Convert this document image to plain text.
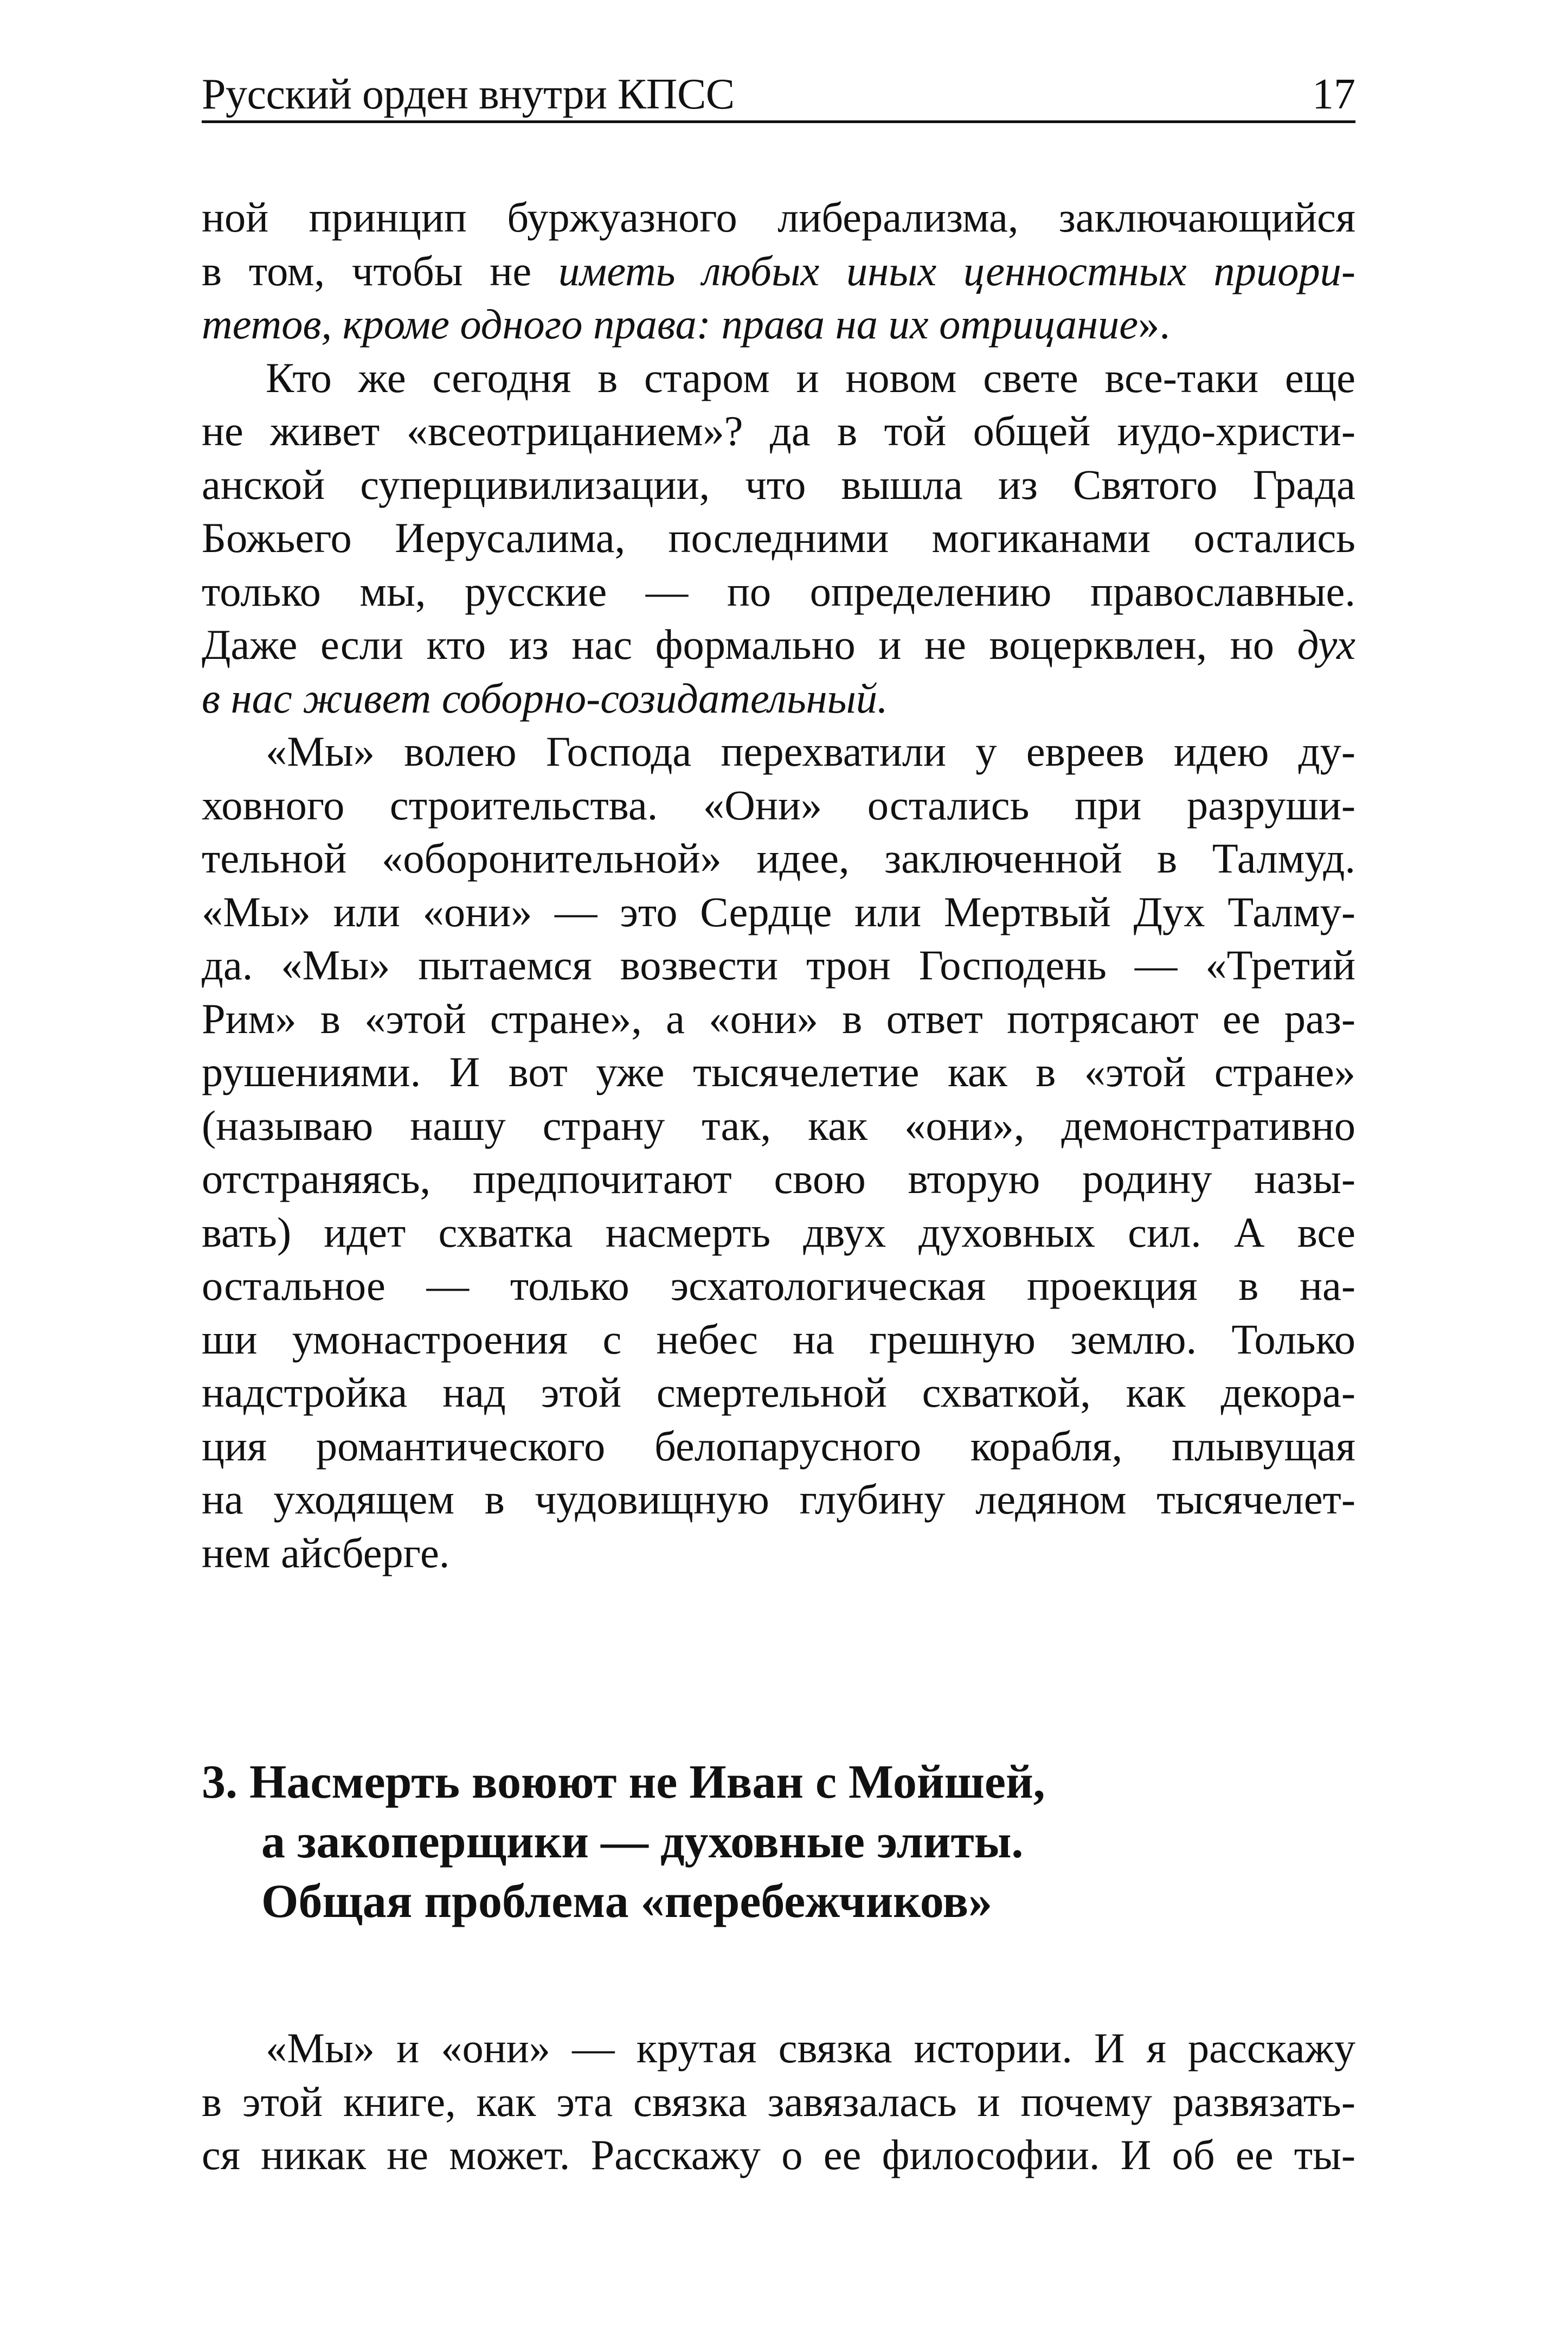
Русский орден внутри КПСС	17

ной принцип буржуазного либерализма, заключающийся
в том, чтобы не иметь любых иных ценностных приори-
тетов, кроме одного права: права на их отрицание».

Кто же сегодня в старом и новом свете все-таки еще
не живет «всеотрицанием»? да в той общей иудо-христи-
анской суперцивилизации, что вышла из Святого Града
Божьего Иерусалима, последними могиканами остались
только мы, русские — по определению православные.
Даже если кто из нас формально и не воцерквлен, но дух
в нас живет соборно-созидательный.

«Мы» волею Господа перехватили у евреев идею ду-
ховного строительства. «Они» остались при разруши-
тельной «оборонительной» идее, заключенной в Талмуд.
«Мы» или «они» — это Сердце или Мертвый Дух Талму-
да. «Мы» пытаемся возвести трон Господень — «Третий
Рим» в «этой стране», а «они» в ответ потрясают ее раз-
рушениями. И вот уже тысячелетие как в «этой стране»
(называю нашу страну так, как «они», демонстративно
отстраняясь, предпочитают свою вторую родину назы-
вать) идет схватка насмерть двух духовных сил. А все
остальное — только эсхатологическая проекция в на-
ши умонастроения с небес на грешную землю. Только
надстройка над этой смертельной схваткой, как декора-
ция романтического белопарусного корабля, плывущая
на уходящем в чудовищную глубину ледяном тысячелет-
нем айсберге.

3. Насмерть воюют не Иван с Мойшей,
а закоперщики — духовные элиты.
Общая проблема «перебежчиков»

«Мы» и «они» — крутая связка истории. И я расскажу
в этой книге, как эта связка завязалась и почему развязать-
ся никак не может. Расскажу о ее философии. И об ее ты-
